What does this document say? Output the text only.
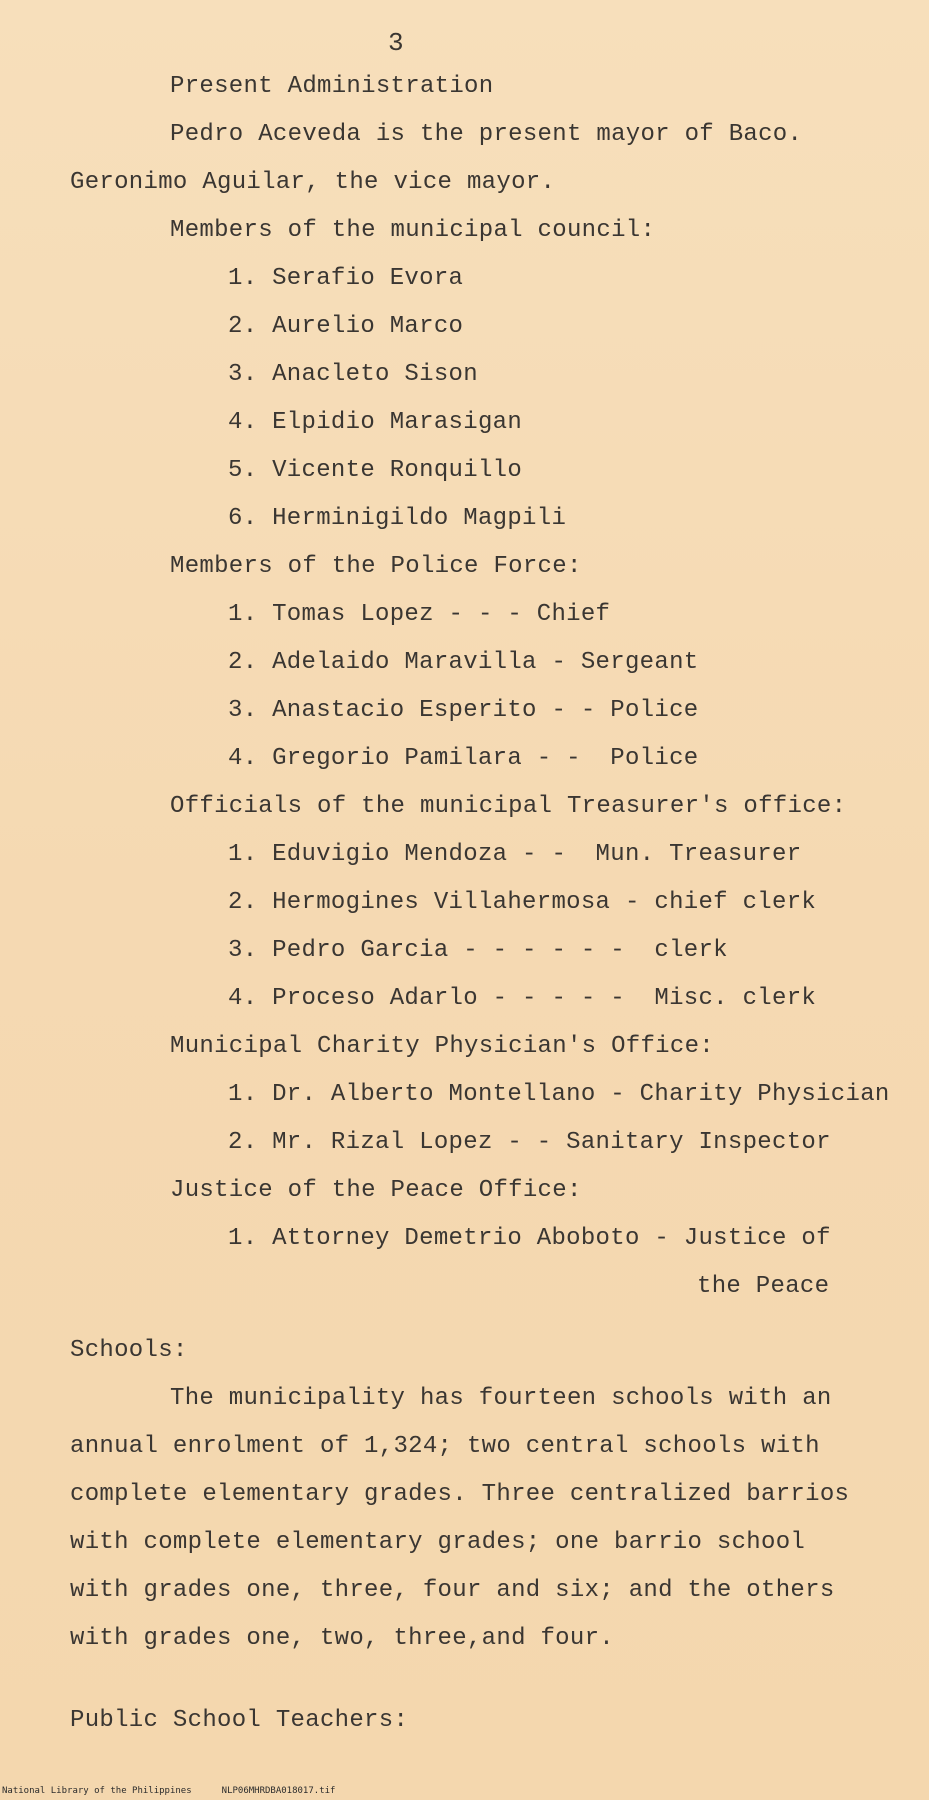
3
Present Administration
Pedro Aceveda is the present mayor of Baco.
Geronimo Aguilar, the vice mayor.
Members of the municipal council:
1. Serafio Evora
2. Aurelio Marco
3. Anacleto Sison
4. Elpidio Marasigan
5. Vicente Ronquillo
6. Herminigildo Magpili
Members of the Police Force:
1. Tomas Lopez - - - Chief
2. Adelaido Maravilla - Sergeant
3. Anastacio Esperito - - Police
4. Gregorio Pamilara - -  Police
Officials of the municipal Treasurer's office:
1. Eduvigio Mendoza - -  Mun. Treasurer
2. Hermogines Villahermosa - chief clerk
3. Pedro Garcia - - - - - -  clerk
4. Proceso Adarlo - - - - -  Misc. clerk
Municipal Charity Physician's Office:
1. Dr. Alberto Montellano - Charity Physician
2. Mr. Rizal Lopez - - Sanitary Inspector
Justice of the Peace Office:
1. Attorney Demetrio Aboboto - Justice of
the Peace
Schools:
The municipality has fourteen schools with an
annual enrolment of 1,324; two central schools with
complete elementary grades. Three centralized barrios
with complete elementary grades; one barrio school
with grades one, three, four and six; and the others
with grades one, two, three,and four.
Public School Teachers:
National Library of the Philippines	NLP06MHRDBA018017.tif
